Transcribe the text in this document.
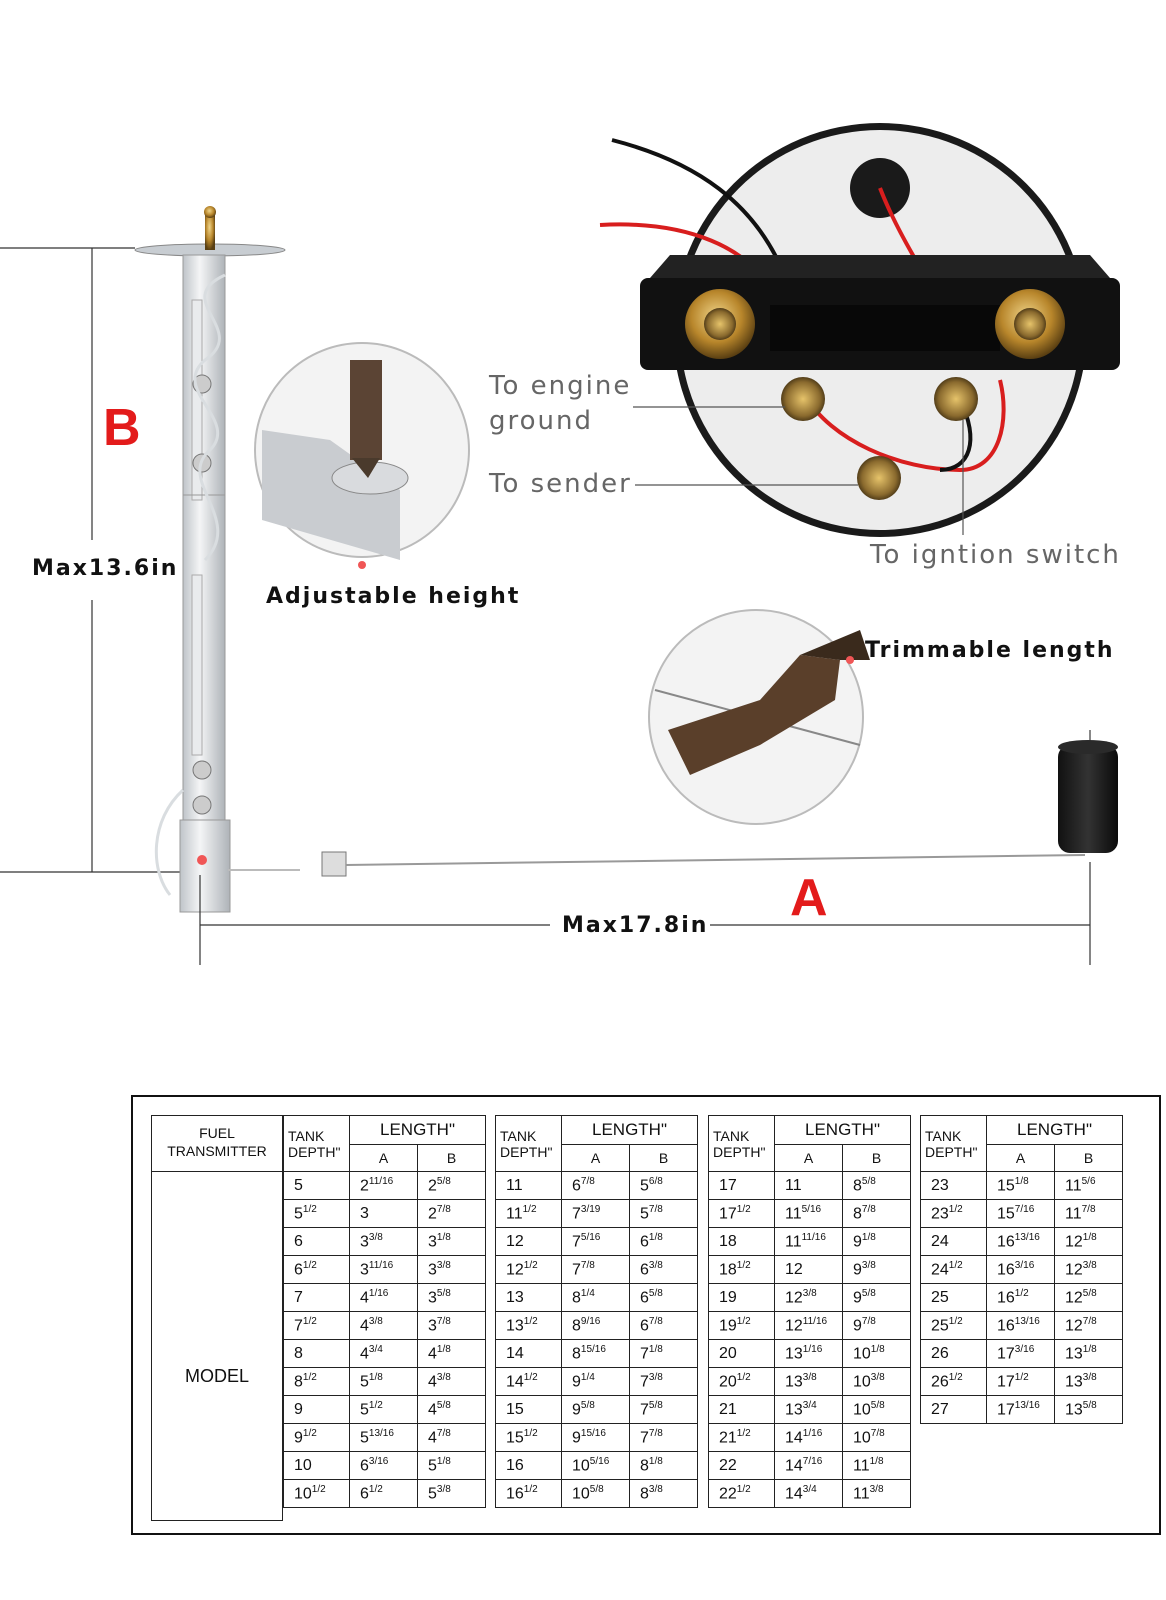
B
Max13.6in
A
Max17.8in
Adjustable height
Trimmable length
To engine
ground
To sender
To igntion switch
FUEL
TRANSMITTER
MODEL
TANK
DEPTH"	LENGTH"	
	A	B
5	$2^{11/16}$	$2^{5/8}$
$5^{1/2}$	3	$2^{7/8}$
6	$3^{3/8}$	$3^{1/8}$
$6^{1/2}$	$3^{11/16}$	$3^{3/8}$
7	$4^{1/16}$	$3^{5/8}$
$7^{1/2}$	$4^{3/8}$	$3^{7/8}$
8	$4^{3/4}$	$4^{1/8}$
$8^{1/2}$	$5^{1/8}$	$4^{3/8}$
9	$5^{1/2}$	$4^{5/8}$
$9^{1/2}$	$5^{13/16}$	$4^{7/8}$
10	$6^{3/16}$	$5^{1/8}$
$10^{1/2}$	$6^{1/2}$	$5^{3/8}$
TANK
DEPTH"	LENGTH"	
	A	B
11	$6^{7/8}$	$5^{6/8}$
$11^{1/2}$	$7^{3/19}$	$5^{7/8}$
12	$7^{5/16}$	$6^{1/8}$
$12^{1/2}$	$7^{7/8}$	$6^{3/8}$
13	$8^{1/4}$	$6^{5/8}$
$13^{1/2}$	$8^{9/16}$	$6^{7/8}$
14	$8^{15/16}$	$7^{1/8}$
$14^{1/2}$	$9^{1/4}$	$7^{3/8}$
15	$9^{5/8}$	$7^{5/8}$
$15^{1/2}$	$9^{15/16}$	$7^{7/8}$
16	$10^{5/16}$	$8^{1/8}$
$16^{1/2}$	$10^{5/8}$	$8^{3/8}$
TANK
DEPTH"	LENGTH"	
	A	B
17	11	$8^{5/8}$
$17^{1/2}$	$11^{5/16}$	$8^{7/8}$
18	$11^{11/16}$	$9^{1/8}$
$18^{1/2}$	12	$9^{3/8}$
19	$12^{3/8}$	$9^{5/8}$
$19^{1/2}$	$12^{11/16}$	$9^{7/8}$
20	$13^{1/16}$	$10^{1/8}$
$20^{1/2}$	$13^{3/8}$	$10^{3/8}$
21	$13^{3/4}$	$10^{5/8}$
$21^{1/2}$	$14^{1/16}$	$10^{7/8}$
22	$14^{7/16}$	$11^{1/8}$
$22^{1/2}$	$14^{3/4}$	$11^{3/8}$
TANK
DEPTH"	LENGTH"	
	A	B
23	$15^{1/8}$	$11^{5/6}$
$23^{1/2}$	$15^{7/16}$	$11^{7/8}$
24	$16^{13/16}$	$12^{1/8}$
$24^{1/2}$	$16^{3/16}$	$12^{3/8}$
25	$16^{1/2}$	$12^{5/8}$
$25^{1/2}$	$16^{13/16}$	$12^{7/8}$
26	$17^{3/16}$	$13^{1/8}$
$26^{1/2}$	$17^{1/2}$	$13^{3/8}$
27	$17^{13/16}$	$13^{5/8}$
